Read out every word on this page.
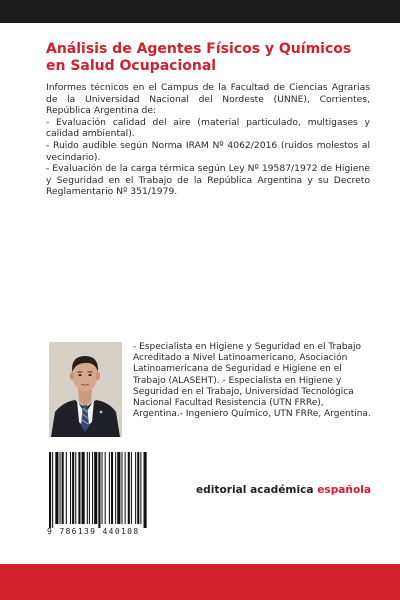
Análisis de Agentes Físicos y Químicos en Salud Ocupacional

Informes técnicos en el Campus de la Facultad de Ciencias Agrarias de la Universidad Nacional del Nordeste (UNNE), Corrientes, República Argentina de:

- Evaluación calidad del aire (material particulado, multigases y calidad ambiental).

- Ruido audible según Norma IRAM Nº 4062/2016 (ruidos molestos al vecindario).

- Evaluación de la carga térmica según Ley Nº 19587/1972 de Higiene y Seguridad en el Trabajo de la República Argentina y su Decreto Reglamentario Nº 351/1979.

- Especialista en Higiene y Seguridad en el Trabajo Acreditado a Nivel Latinoamericano, Asociación Latinoamericana de Seguridad e Higiene en el Trabajo (ALASEHT). - Especialista en Higiene y Seguridad en el Trabajo, Universidad Tecnológica Nacional Facultad Resistencia (UTN FRRe), Argentina.- Ingeniero Químico, UTN FRRe, Argentina.
9 786139 440108
editorial académica española
